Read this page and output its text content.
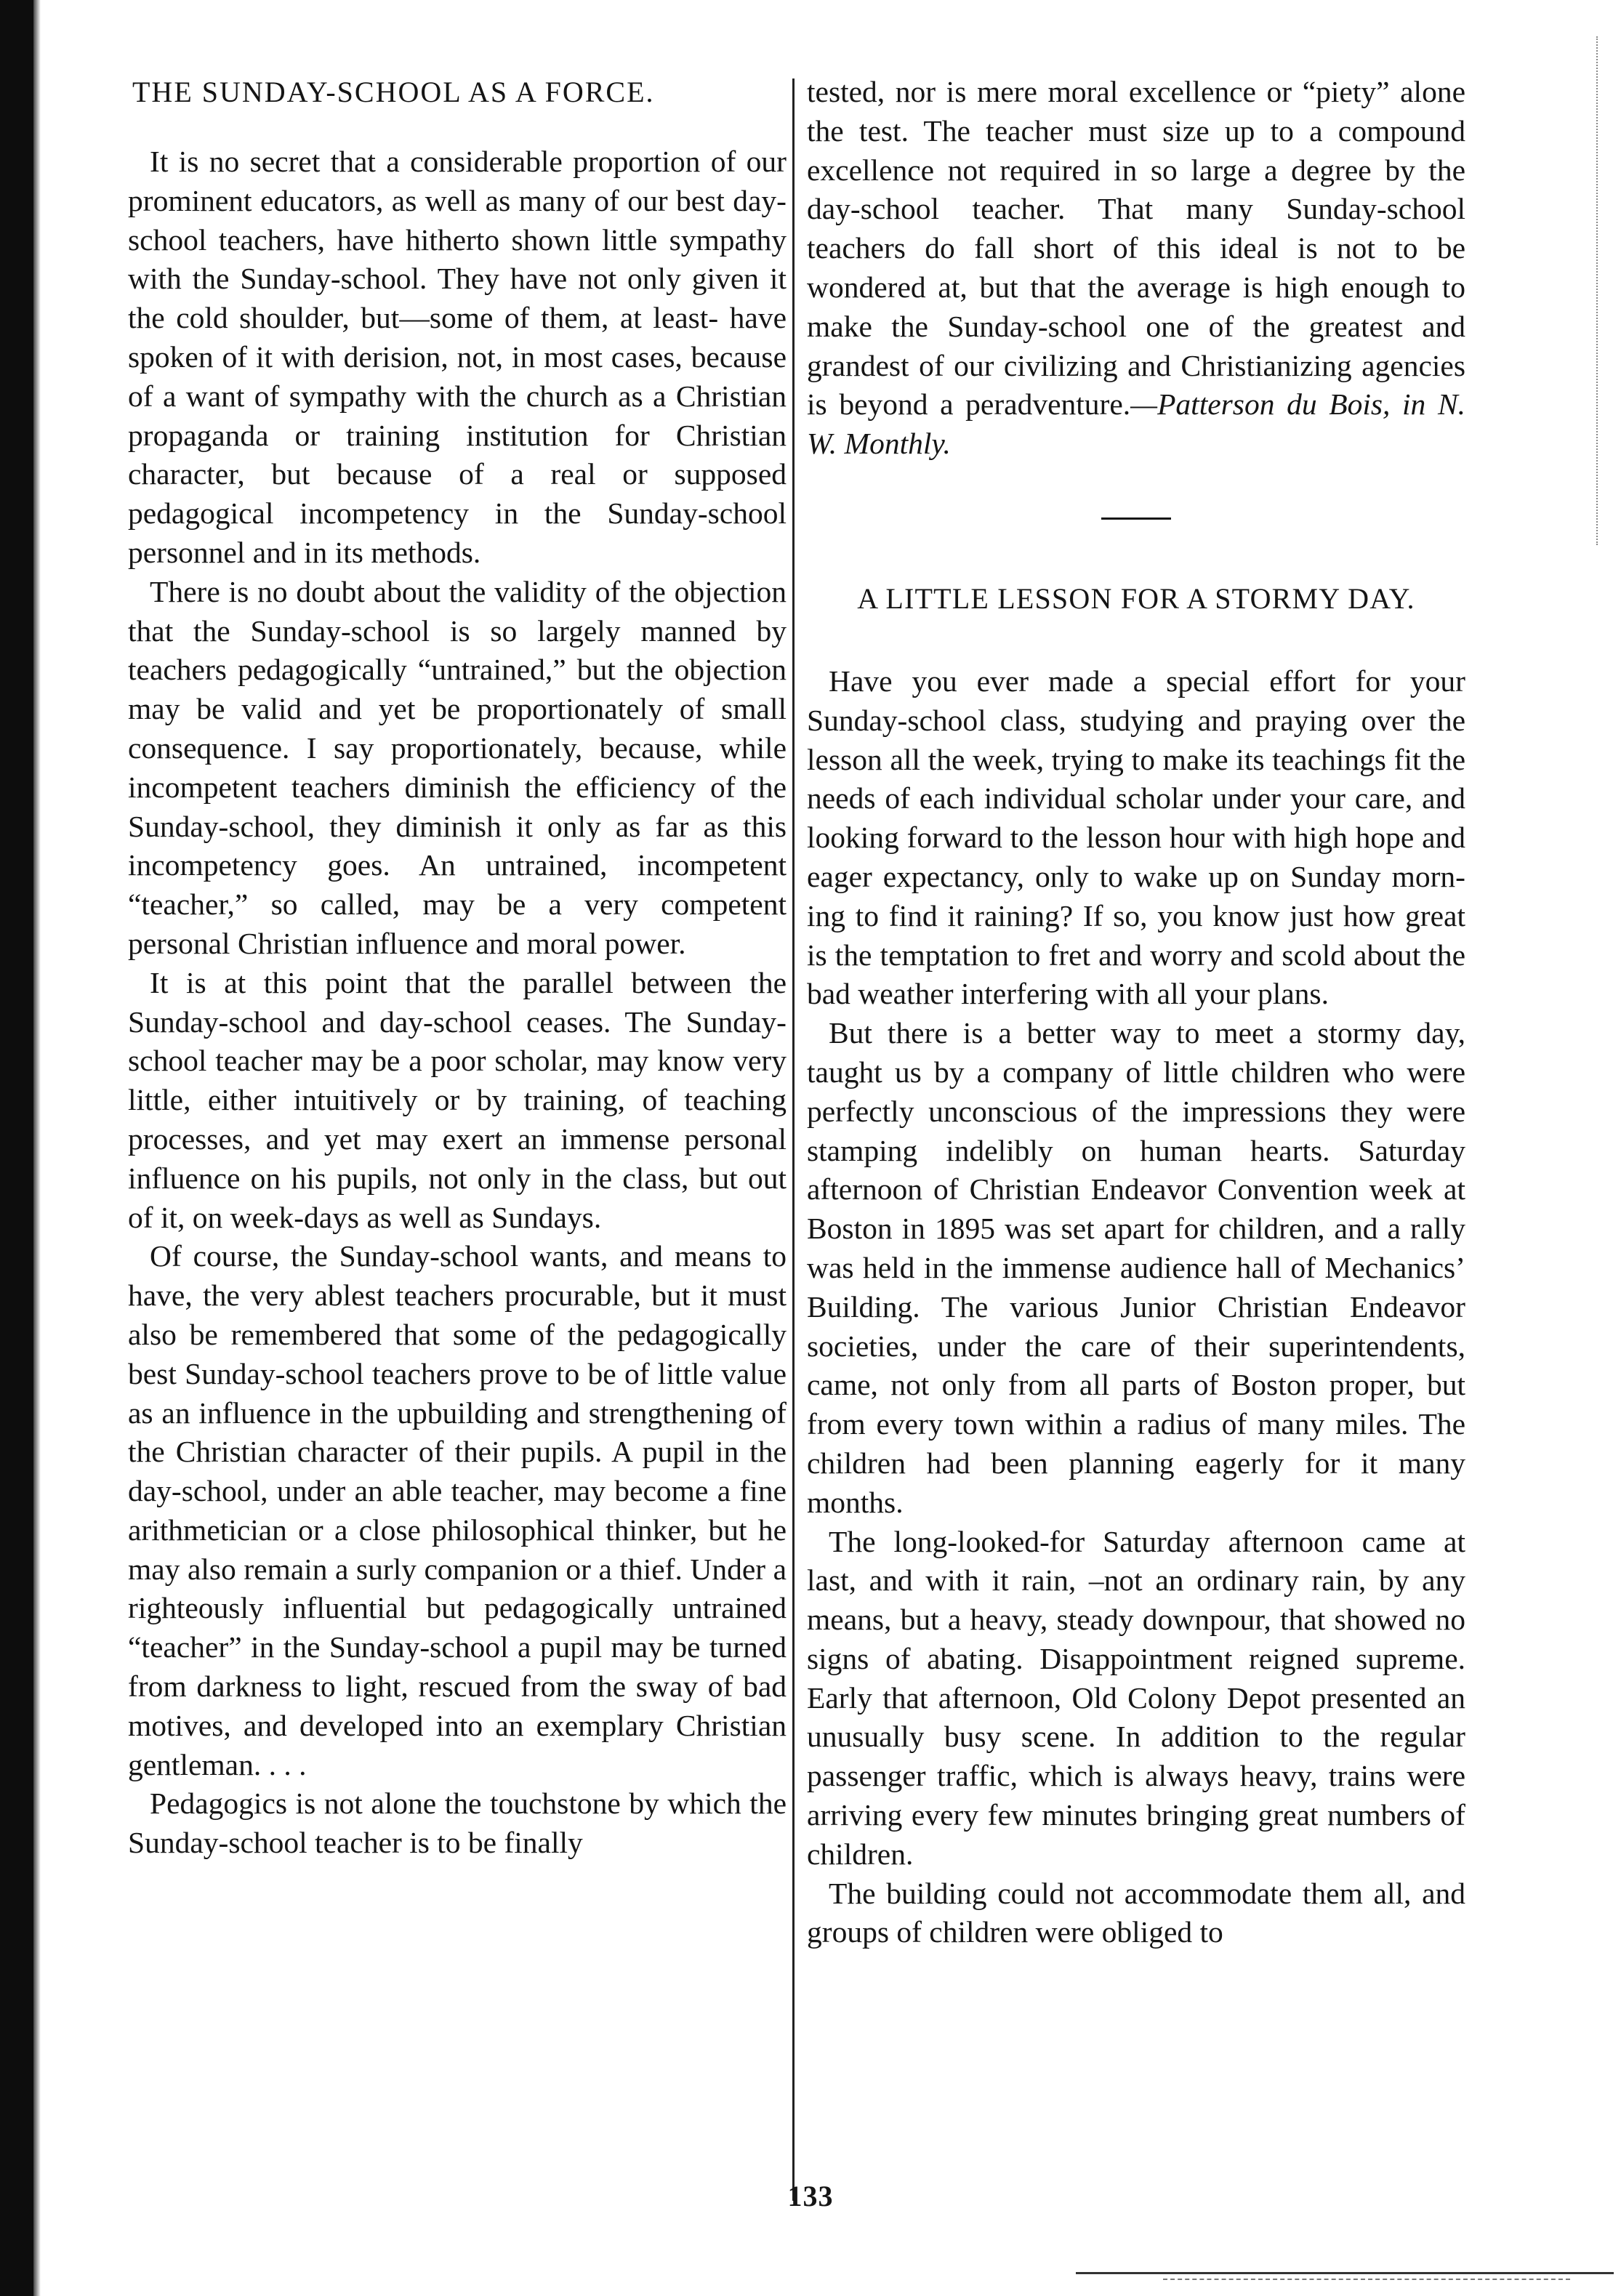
THE SUNDAY-SCHOOL AS A FORCE.

It is no secret that a considerable proportion of our prominent educators, as well as many of our best day-school teachers, have hitherto shown little sympathy with the Sunday-school. They have not only given it the cold shoulder, but—some of them, at least- have spoken of it with derision, not, in most cases, because of a want of sympathy with the church as a Christian propaganda or training institution for Christian character, but because of a real or supposed pedagogical incompetency in the Sunday-school personnel and in its methods.

There is no doubt about the validity of the objection that the Sunday-school is so largely manned by teachers pedagogically “untrained,” but the objection may be valid and yet be proportionately of small consequence. I say proportionately, because, while incompetent teachers diminish the efficiency of the Sunday-school, they diminish it only as far as this incompetency goes. An untrained, incompetent “teacher,” so called, may be a very competent personal Christian influence and moral power.

It is at this point that the parallel between the Sunday-school and day-school ceases. The Sunday-school teacher may be a poor scholar, may know very little, either intuitively or by training, of teaching processes, and yet may exert an immense personal influence on his pupils, not only in the class, but out of it, on week-days as well as Sundays.

Of course, the Sunday-school wants, and means to have, the very ablest teachers procurable, but it must also be remembered that some of the pedagogically best Sunday-school teachers prove to be of little value as an influence in the upbuilding and strengthening of the Christian character of their pupils. A pupil in the day-school, under an able teacher, may become a fine arithmetician or a close philosophical thinker, but he may also remain a surly companion or a thief. Under a righteously influential but pedagogically untrained “teacher” in the Sunday-school a pupil may be turned from darkness to light, rescued from the sway of bad motives, and developed into an exemplary Christian gentleman. . . .

Pedagogics is not alone the touchstone by which the Sunday-school teacher is to be finally

tested, nor is mere moral excellence or “piety” alone the test. The teacher must size up to a compound excellence not required in so large a degree by the day-school teacher. That many Sunday-school teachers do fall short of this ideal is not to be wondered at, but that the average is high enough to make the Sunday-school one of the greatest and grandest of our civilizing and Christianizing agencies is beyond a peradventure.—Patterson du Bois, in N. W. Monthly.

A LITTLE LESSON FOR A STORMY DAY.

Have you ever made a special effort for your Sunday-school class, studying and praying over the lesson all the week, trying to make its teachings fit the needs of each individual scholar under your care, and looking forward to the lesson hour with high hope and eager expectancy, only to wake up on Sunday morning to find it raining? If so, you know just how great is the temptation to fret and worry and scold about the bad weather interfering with all your plans.

But there is a better way to meet a stormy day, taught us by a company of little children who were perfectly unconscious of the impressions they were stamping indelibly on human hearts. Saturday afternoon of Christian Endeavor Convention week at Boston in 1895 was set apart for children, and a rally was held in the immense audience hall of Mechanics’ Building. The various Junior Christian Endeavor societies, under the care of their superintendents, came, not only from all parts of Boston proper, but from every town within a radius of many miles. The children had been planning eagerly for it many months.

The long-looked-for Saturday afternoon came at last, and with it rain, –not an ordinary rain, by any means, but a heavy, steady downpour, that showed no signs of abating. Disappointment reigned supreme. Early that afternoon, Old Colony Depot presented an unusually busy scene. In addition to the regular passenger traffic, which is always heavy, trains were arriving every few minutes bringing great numbers of children.

The building could not accommodate them all, and groups of children were obliged to

133
